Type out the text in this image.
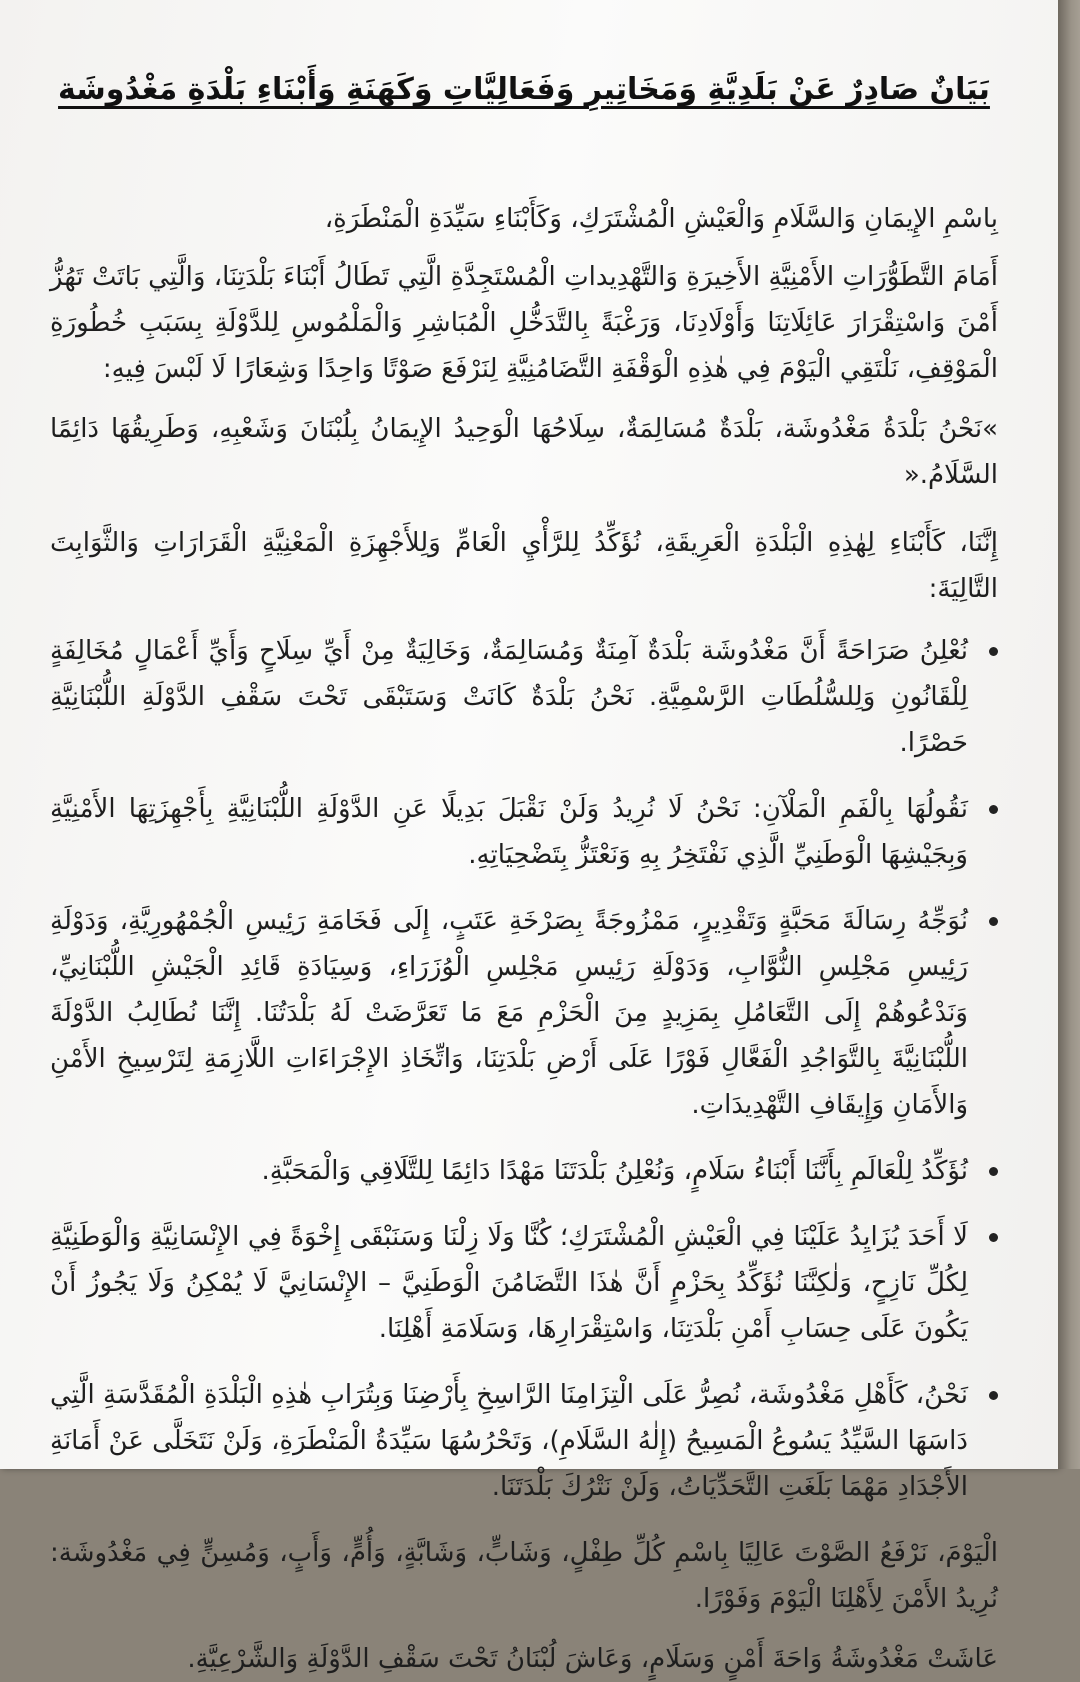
بَيَانٌ صَادِرٌ عَنْ بَلَدِيَّةِ وَمَخَاتِيرِ وَفَعَالِيَّاتِ وَكَهَنَةِ وَأَبْنَاءِ بَلْدَةِ مَغْدُوشَة

بِاسْمِ الإِيمَانِ وَالسَّلَامِ وَالْعَيْشِ الْمُشْتَرَكِ، وَكَأَبْنَاءِ سَيِّدَةِ الْمَنْطَرَةِ،

أَمَامَ التَّطَوُّرَاتِ الأَمْنِيَّةِ الأَخِيرَةِ وَالتَّهْدِيداتِ الْمُسْتَجِدَّةِ الَّتِي تَطَالُ أَبْنَاءَ بَلْدَتِنَا، وَالَّتِي بَاتَتْ تَهُزُّ أَمْنَ وَاسْتِقْرَارَ عَائِلَاتِنَا وَأَوْلَادِنَا، وَرَغْبَةً بِالتَّدَخُّلِ الْمُبَاشِرِ وَالْمَلْمُوسِ لِلدَّوْلَةِ بِسَبَبِ خُطُورَةِ الْمَوْقِفِ، نَلْتَقِي الْيَوْمَ فِي هٰذِهِ الْوَقْفَةِ التَّضَامُنِيَّةِ لِنَرْفَعَ صَوْتًا وَاحِدًا وَشِعَارًا لَا لَبْسَ فِيهِ:

»نَحْنُ بَلْدَةُ مَغْدُوشَة، بَلْدَةٌ مُسَالِمَةٌ، سِلَاحُهَا الْوَحِيدُ الإِيمَانُ بِلُبْنَانَ وَشَعْبِهِ، وَطَرِيقُهَا دَائِمًا السَّلَامُ.«

إِنَّنَا، كَأَبْنَاءِ لِهٰذِهِ الْبَلْدَةِ الْعَرِيقَةِ، نُؤَكِّدُ لِلرَّأْيِ الْعَامِّ وَلِلأَجْهِزَةِ الْمَعْنِيَّةِ الْقَرَارَاتِ وَالثَّوَابِتَ التَّالِيَةَ:

نُعْلِنُ صَرَاحَةً أَنَّ مَغْدُوشَة بَلْدَةٌ آمِنَةٌ وَمُسَالِمَةٌ، وَخَالِيَةٌ مِنْ أَيِّ سِلَاحٍ وَأَيِّ أَعْمَالٍ مُخَالِفَةٍ لِلْقَانُونِ وَلِلسُّلُطَاتِ الرَّسْمِيَّةِ. نَحْنُ بَلْدَةٌ كَانَتْ وَسَتَبْقَى تَحْتَ سَقْفِ الدَّوْلَةِ اللُّبْنَانِيَّةِ حَصْرًا.
نَقُولُهَا بِالْفَمِ الْمَلْآنِ: نَحْنُ لَا نُرِيدُ وَلَنْ نَقْبَلَ بَدِيلًا عَنِ الدَّوْلَةِ اللُّبْنَانِيَّةِ بِأَجْهِزَتِهَا الأَمْنِيَّةِ وَبِجَيْشِهَا الْوَطَنِيِّ الَّذِي نَفْتَخِرُ بِهِ وَنَعْتَزُّ بِتَضْحِيَاتِهِ.
نُوَجِّهُ رِسَالَةَ مَحَبَّةٍ وَتَقْدِيرٍ، مَمْزُوجَةً بِصَرْخَةِ عَتَبٍ، إِلَى فَخَامَةِ رَئِيسِ الْجُمْهُورِيَّةِ، وَدَوْلَةِ رَئِيسِ مَجْلِسِ النُّوَّابِ، وَدَوْلَةِ رَئِيسِ مَجْلِسِ الْوُزَرَاءِ، وَسِيَادَةِ قَائِدِ الْجَيْشِ اللُّبْنَانِيِّ، وَنَدْعُوهُمْ إِلَى التَّعَامُلِ بِمَزِيدٍ مِنَ الْحَزْمِ مَعَ مَا تَعَرَّضَتْ لَهُ بَلْدَتُنَا. إِنَّنَا نُطَالِبُ الدَّوْلَةَ اللُّبْنَانِيَّةَ بِالتَّوَاجُدِ الْفَعَّالِ فَوْرًا عَلَى أَرْضِ بَلْدَتِنَا، وَاتِّخَاذِ الإِجْرَاءَاتِ اللَّازِمَةِ لِتَرْسِيخِ الأَمْنِ وَالأَمَانِ وَإِيقَافِ التَّهْدِيدَاتِ.
نُؤَكِّدُ لِلْعَالَمِ بِأَنَّنَا أَبْنَاءُ سَلَامٍ، وَنُعْلِنُ بَلْدَتَنَا مَهْدًا دَائِمًا لِلتَّلَاقِي وَالْمَحَبَّةِ.
لَا أَحَدَ يُزَايِدُ عَلَيْنَا فِي الْعَيْشِ الْمُشْتَرَكِ؛ كُنَّا وَلَا زِلْنَا وَسَنَبْقَى إِخْوَةً فِي الإِنْسَانِيَّةِ وَالْوَطَنِيَّةِ لِكُلِّ نَازِحٍ، وَلٰكِنَّنَا نُؤَكِّدُ بِحَزْمٍ أَنَّ هٰذَا التَّضَامُنَ الْوَطَنِيَّ – الإِنْسَانِيَّ لَا يُمْكِنُ وَلَا يَجُوزُ أَنْ يَكُونَ عَلَى حِسَابِ أَمْنِ بَلْدَتِنَا، وَاسْتِقْرَارِهَا، وَسَلَامَةِ أَهْلِنَا.
نَحْنُ، كَأَهْلِ مَغْدُوشَة، نُصِرُّ عَلَى الْتِزَامِنَا الرَّاسِخِ بِأَرْضِنَا وَبِتُرَابِ هٰذِهِ الْبَلْدَةِ الْمُقَدَّسَةِ الَّتِي دَاسَهَا السَّيِّدُ يَسُوعُ الْمَسِيحُ (إِلٰهُ السَّلَامِ)، وَتَحْرُسُهَا سَيِّدَةُ الْمَنْطَرَةِ، وَلَنْ نَتَخَلَّى عَنْ أَمَانَةِ الأَجْدَادِ مَهْمَا بَلَغَتِ التَّحَدِّيَاتُ، وَلَنْ نَتْرُكَ بَلْدَتَنَا.

الْيَوْمَ، نَرْفَعُ الصَّوْتَ عَالِيًا بِاسْمِ كُلِّ طِفْلٍ، وَشَابٍّ، وَشَابَّةٍ، وَأُمٍّ، وَأَبٍ، وَمُسِنٍّ فِي مَغْدُوشَة: نُرِيدُ الأَمْنَ لِأَهْلِنَا الْيَوْمَ وَفَوْرًا.

عَاشَتْ مَغْدُوشَةُ وَاحَةَ أَمْنٍ وَسَلَامٍ، وَعَاشَ لُبْنَانُ تَحْتَ سَقْفِ الدَّوْلَةِ وَالشَّرْعِيَّةِ.
